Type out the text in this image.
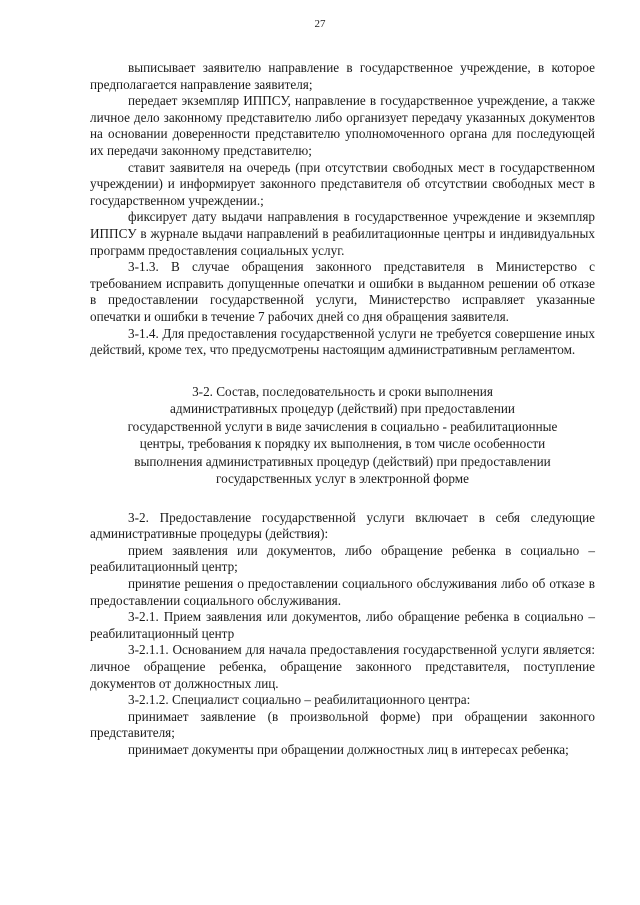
27

выписывает заявителю направление в государственное учреждение, в которое предполагается направление заявителя;

передает экземпляр ИППСУ, направление в государственное учреждение, а также личное дело законному представителю либо организует передачу указанных документов на основании доверенности представителю уполномоченного органа для последующей их передачи законному представителю;

ставит заявителя на очередь (при отсутствии свободных мест в государственном учреждении) и информирует законного представителя об отсутствии свободных мест в государственном учреждении.;

фиксирует дату выдачи направления в государственное учреждение и экземпляр ИППСУ в журнале выдачи направлений в реабилитационные центры и индивидуальных программ предоставления социальных услуг.

3-1.3. В случае обращения законного представителя в Министерство с требованием исправить допущенные опечатки и ошибки в выданном решении об отказе в предоставлении государственной услуги, Министерство исправляет указанные опечатки и ошибки в течение 7 рабочих дней со дня обращения заявителя.

3-1.4. Для предоставления государственной услуги не требуется совершение иных действий, кроме тех, что предусмотрены настоящим административным регламентом.

3-2. Состав, последовательность и сроки выполнения
административных процедур (действий) при предоставлении
государственной услуги в виде зачисления в социально - реабилитационные
центры, требования к порядку их выполнения, в том числе особенности
выполнения административных процедур (действий) при предоставлении
государственных услуг в электронной форме

3-2. Предоставление государственной услуги включает в себя следующие административные процедуры (действия):

прием заявления или документов, либо обращение ребенка в социально – реабилитационный центр;

принятие решения о предоставлении социального обслуживания либо об отказе в предоставлении социального обслуживания.

3-2.1. Прием заявления или документов, либо обращение ребенка в социально – реабилитационный центр

3-2.1.1. Основанием для начала предоставления государственной услуги является: личное обращение ребенка, обращение законного представителя, поступление документов от должностных лиц.

3-2.1.2. Специалист социально – реабилитационного центра:

принимает заявление (в произвольной форме) при обращении законного представителя;

принимает документы при обращении должностных лиц в интересах ребенка;
